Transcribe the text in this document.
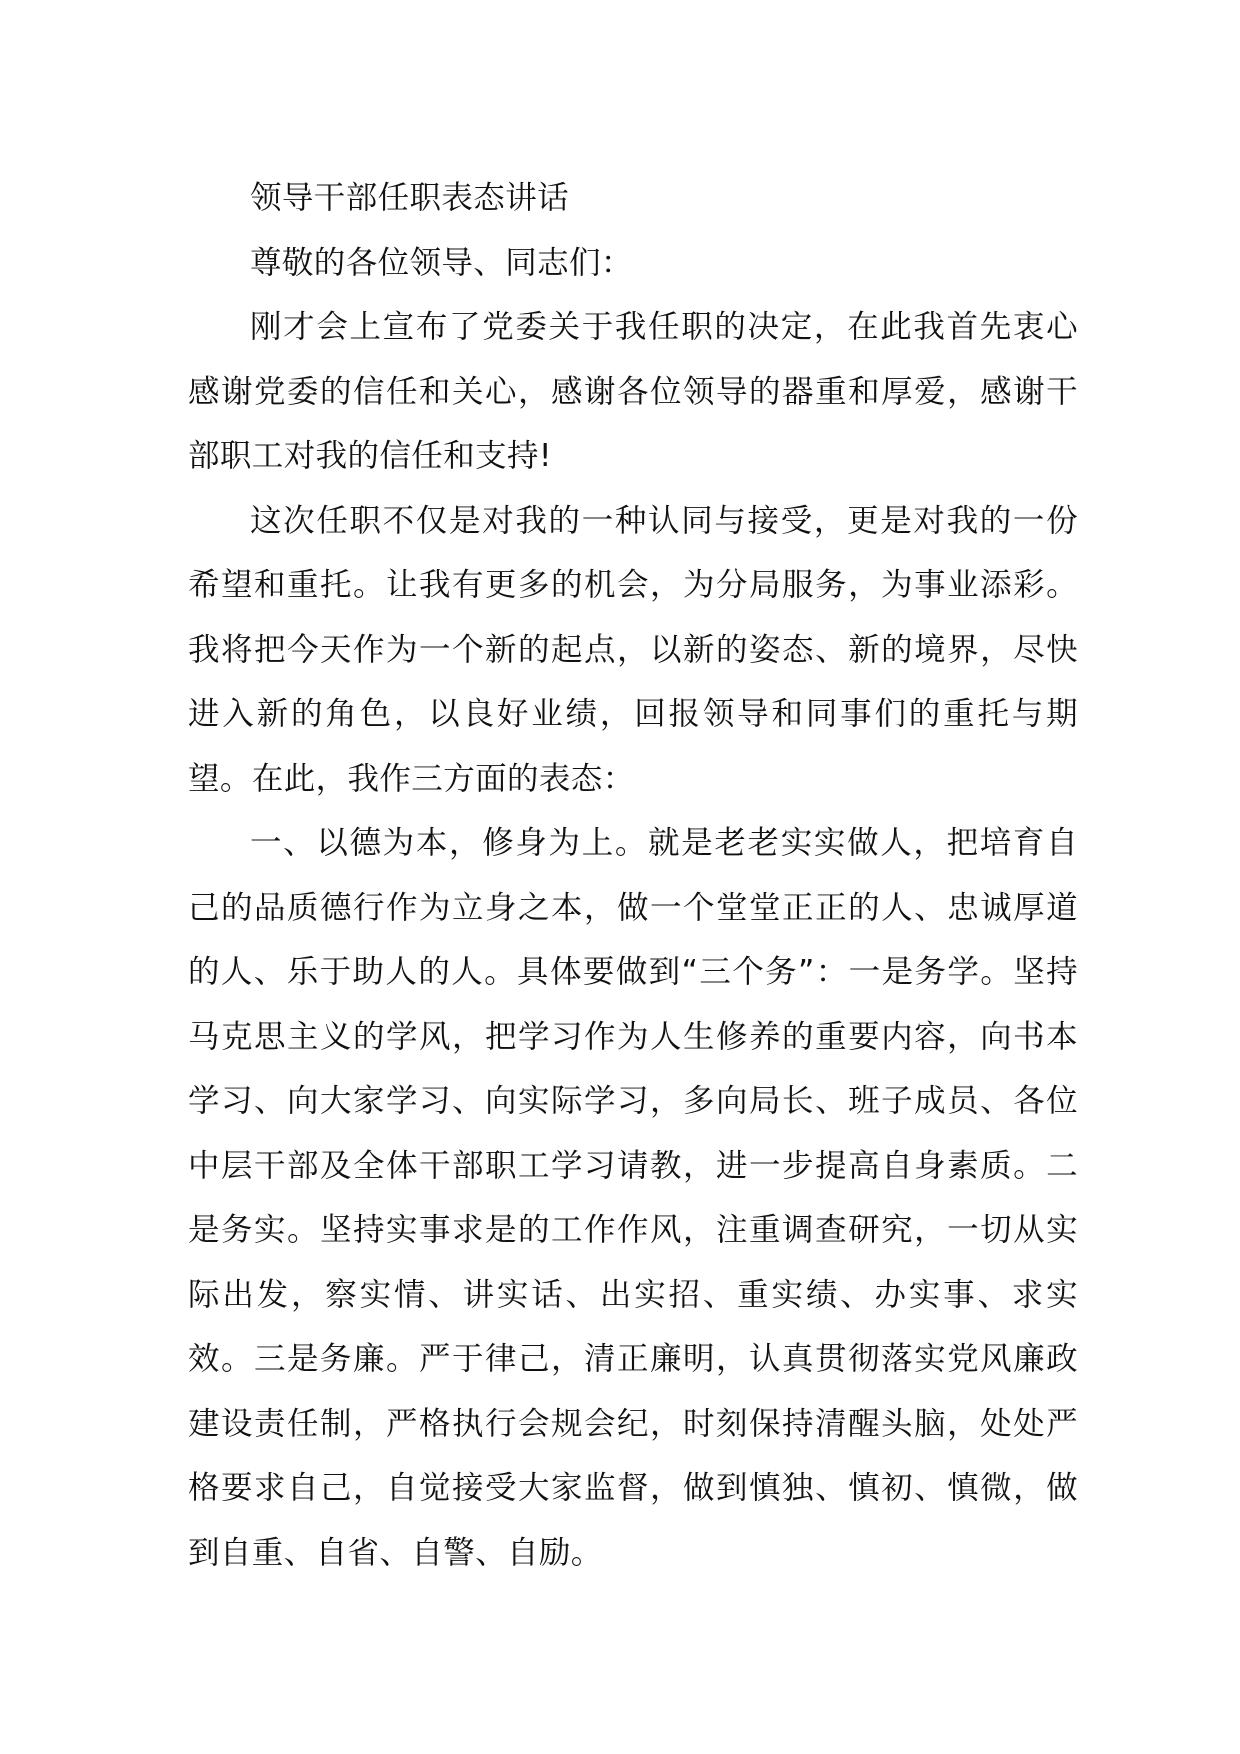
领导干部任职表态讲话

尊敬的各位领导、同志们：

刚才会上宣布了党委关于我任职的决定，在此我首先衷心感谢党委的信任和关心，感谢各位领导的器重和厚爱，感谢干部职工对我的信任和支持!

这次任职不仅是对我的一种认同与接受，更是对我的一份希望和重托。让我有更多的机会，为分局服务，为事业添彩。我将把今天作为一个新的起点，以新的姿态、新的境界，尽快进入新的角色，以良好业绩，回报领导和同事们的重托与期望。在此，我作三方面的表态：

一、以德为本，修身为上。就是老老实实做人，把培育自己的品质德行作为立身之本，做一个堂堂正正的人、忠诚厚道的人、乐于助人的人。具体要做到“三个务”：一是务学。坚持马克思主义的学风，把学习作为人生修养的重要内容，向书本学习、向大家学习、向实际学习，多向局长、班子成员、各位中层干部及全体干部职工学习请教，进一步提高自身素质。二是务实。坚持实事求是的工作作风，注重调查研究，一切从实际出发，察实情、讲实话、出实招、重实绩、办实事、求实效。三是务廉。严于律己，清正廉明，认真贯彻落实党风廉政建设责任制，严格执行会规会纪，时刻保持清醒头脑，处处严格要求自己，自觉接受大家监督，做到慎独、慎初、慎微，做到自重、自省、自警、自励。
